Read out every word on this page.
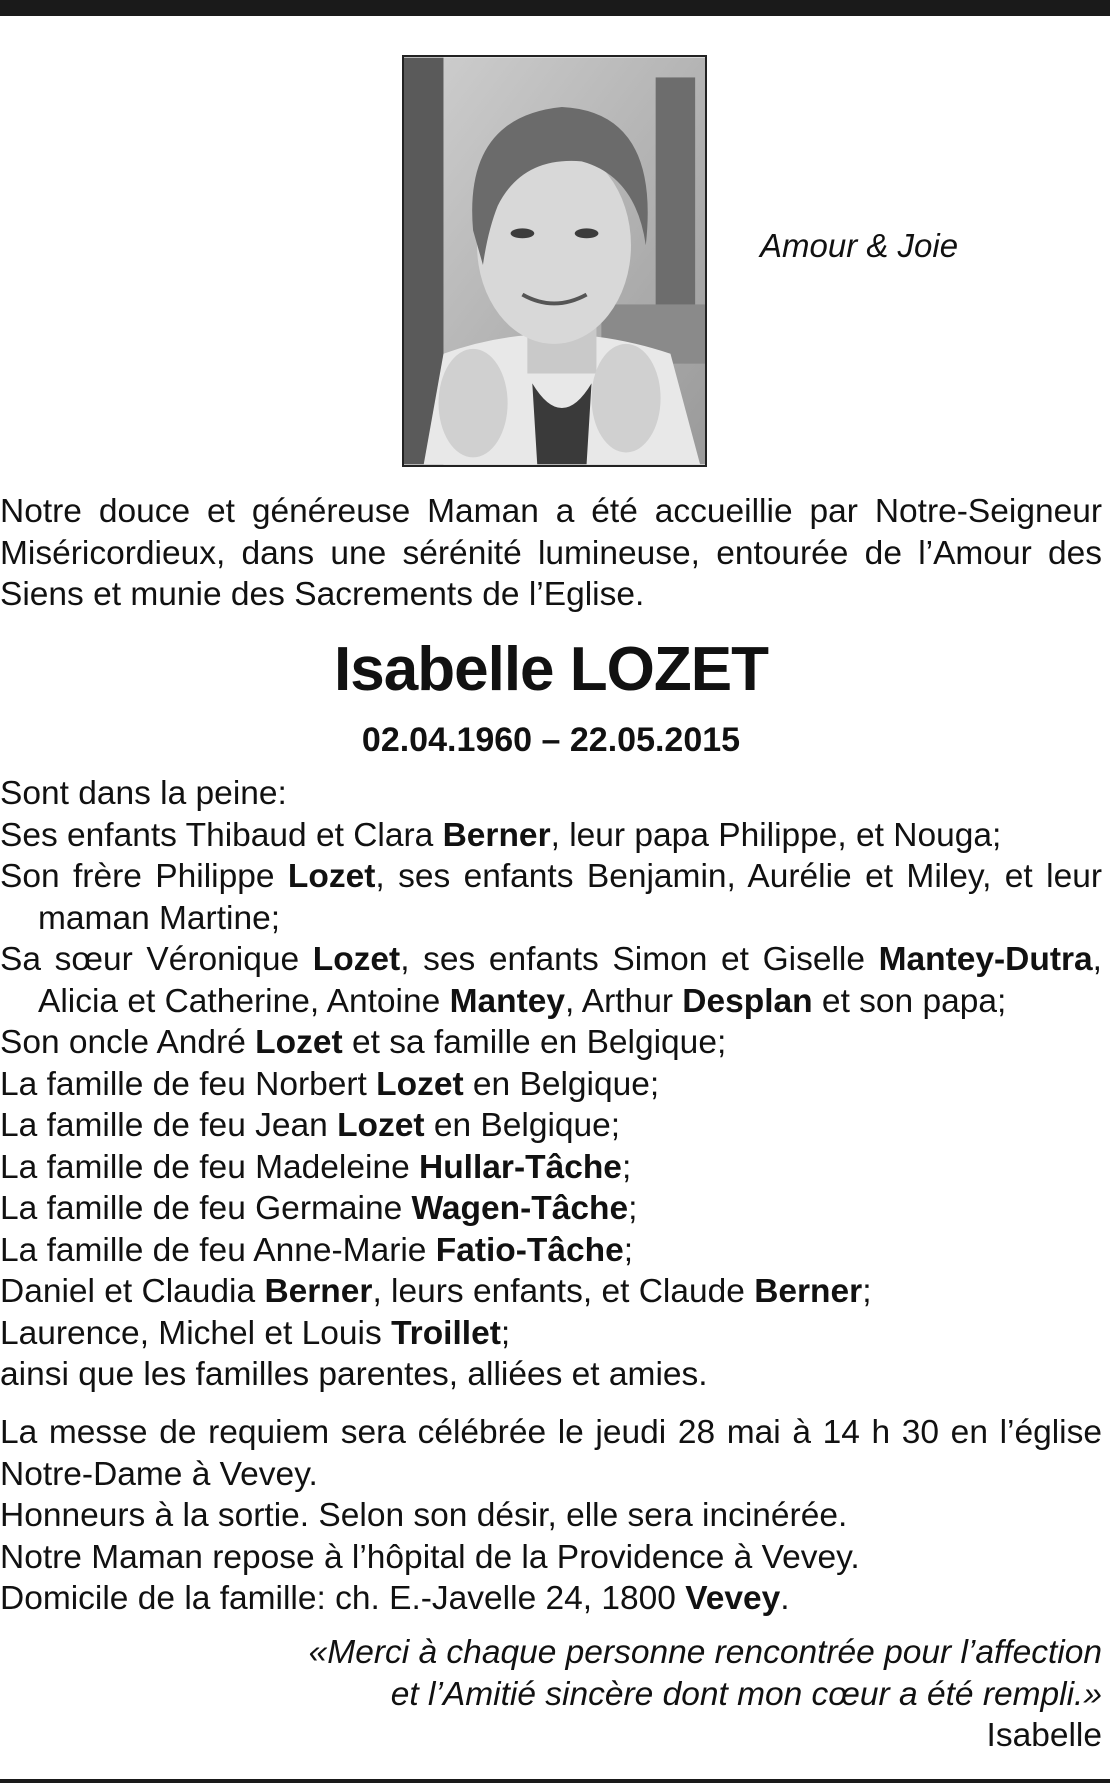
Amour & Joie

Notre douce et généreuse Maman a été accueillie par Notre-Seigneur Miséricordieux, dans une sérénité lumineuse, entourée de l’Amour des Siens et munie des Sacrements de l’Eglise.

Isabelle LOZET
02.04.1960 – 22.05.2015

Sont dans la peine:

Ses enfants Thibaud et Clara Berner, leur papa Philippe, et Nouga;

Son frère Philippe Lozet, ses enfants Benjamin, Aurélie et Miley, et leur maman Martine;

Sa sœur Véronique Lozet, ses enfants Simon et Giselle Mantey-Dutra, Alicia et Catherine, Antoine Mantey, Arthur Desplan et son papa;

Son oncle André Lozet et sa famille en Belgique;

La famille de feu Norbert Lozet en Belgique;

La famille de feu Jean Lozet en Belgique;

La famille de feu Madeleine Hullar-Tâche;

La famille de feu Germaine Wagen-Tâche;

La famille de feu Anne-Marie Fatio-Tâche;

Daniel et Claudia Berner, leurs enfants, et Claude Berner;

Laurence, Michel et Louis Troillet;

ainsi que les familles parentes, alliées et amies.

La messe de requiem sera célébrée le jeudi 28 mai à 14 h 30 en l’église Notre-Dame à Vevey.

Honneurs à la sortie. Selon son désir, elle sera incinérée.

Notre Maman repose à l’hôpital de la Providence à Vevey.

Domicile de la famille: ch. E.-Javelle 24, 1800 Vevey.

«Merci à chaque personne rencontrée pour l’affection

et l’Amitié sincère dont mon cœur a été rempli.»

Isabelle
